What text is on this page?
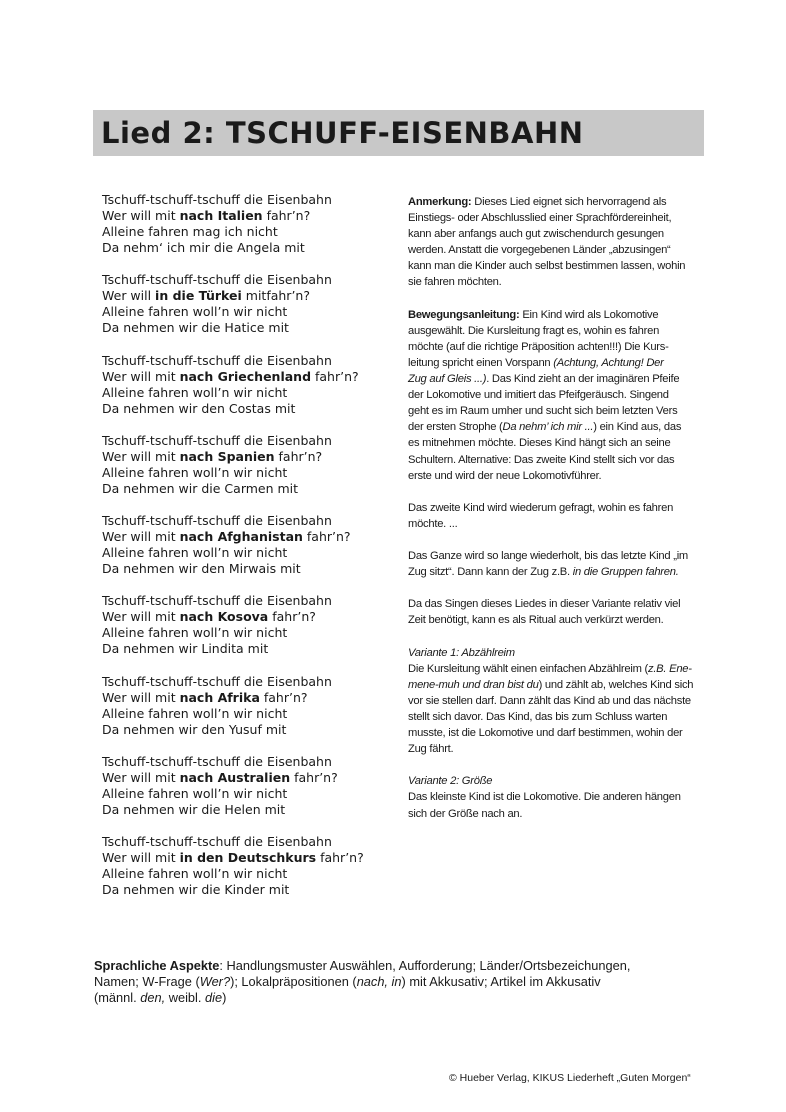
Lied 2: TSCHUFF-EISENBAHN
Tschuff-tschuff-tschuff die Eisenbahn
Wer will mit nach Italien fahr’n?
Alleine fahren mag ich nicht
Da nehm‘ ich mir die Angela mit
Tschuff-tschuff-tschuff die Eisenbahn
Wer will in die Türkei mitfahr’n?
Alleine fahren woll’n wir nicht
Da nehmen wir die Hatice mit
Tschuff-tschuff-tschuff die Eisenbahn
Wer will mit nach Griechenland fahr’n?
Alleine fahren woll’n wir nicht
Da nehmen wir den Costas mit
Tschuff-tschuff-tschuff die Eisenbahn
Wer will mit nach Spanien fahr’n?
Alleine fahren woll’n wir nicht
Da nehmen wir die Carmen mit
Tschuff-tschuff-tschuff die Eisenbahn
Wer will mit nach Afghanistan fahr’n?
Alleine fahren woll’n wir nicht
Da nehmen wir den Mirwais mit
Tschuff-tschuff-tschuff die Eisenbahn
Wer will mit nach Kosova fahr’n?
Alleine fahren woll’n wir nicht
Da nehmen wir Lindita mit
Tschuff-tschuff-tschuff die Eisenbahn
Wer will mit nach Afrika fahr’n?
Alleine fahren woll’n wir nicht
Da nehmen wir den Yusuf mit
Tschuff-tschuff-tschuff die Eisenbahn
Wer will mit nach Australien fahr’n?
Alleine fahren woll’n wir nicht
Da nehmen wir die Helen mit
Tschuff-tschuff-tschuff die Eisenbahn
Wer will mit in den Deutschkurs fahr’n?
Alleine fahren woll’n wir nicht
Da nehmen wir die Kinder mit

Anmerkung: Dieses Lied eignet sich hervorragend als
Einstiegs- oder Abschlusslied einer Sprachfördereinheit,
kann aber anfangs auch gut zwischendurch gesungen
werden. Anstatt die vorgegebenen Länder „abzusingen“
kann man die Kinder auch selbst bestimmen lassen, wohin
sie fahren möchten.

Bewegungsanleitung: Ein Kind wird als Lokomotive
ausgewählt. Die Kursleitung fragt es, wohin es fahren
möchte (auf die richtige Präposition achten!!!) Die Kurs-
leitung spricht einen Vorspann (Achtung, Achtung! Der
Zug auf Gleis ...). Das Kind zieht an der imaginären Pfeife
der Lokomotive und imitiert das Pfeifgeräusch. Singend
geht es im Raum umher und sucht sich beim letzten Vers
der ersten Strophe (Da nehm’ ich mir ...) ein Kind aus, das
es mitnehmen möchte. Dieses Kind hängt sich an seine
Schultern. Alternative: Das zweite Kind stellt sich vor das
erste und wird der neue Lokomotivführer.

Das zweite Kind wird wiederum gefragt, wohin es fahren
möchte. ...

Das Ganze wird so lange wiederholt, bis das letzte Kind „im
Zug sitzt“. Dann kann der Zug z.B. in die Gruppen fahren.

Da das Singen dieses Liedes in dieser Variante relativ viel
Zeit benötigt, kann es als Ritual auch verkürzt werden.

Variante 1: Abzählreim
Die Kursleitung wählt einen einfachen Abzählreim (z.B. Ene-
mene-muh und dran bist du) und zählt ab, welches Kind sich
vor sie stellen darf. Dann zählt das Kind ab und das nächste
stellt sich davor. Das Kind, das bis zum Schluss warten
musste, ist die Lokomotive und darf bestimmen, wohin der
Zug fährt.

Variante 2: Größe
Das kleinste Kind ist die Lokomotive. Die anderen hängen
sich der Größe nach an.

Sprachliche Aspekte: Handlungsmuster Auswählen, Aufforderung; Länder/Ortsbezeichungen,
Namen; W-Frage (Wer?); Lokalpräpositionen (nach, in) mit Akkusativ; Artikel im Akkusativ
(männl. den, weibl. die)
© Hueber Verlag, KIKUS Liederheft „Guten Morgen“
